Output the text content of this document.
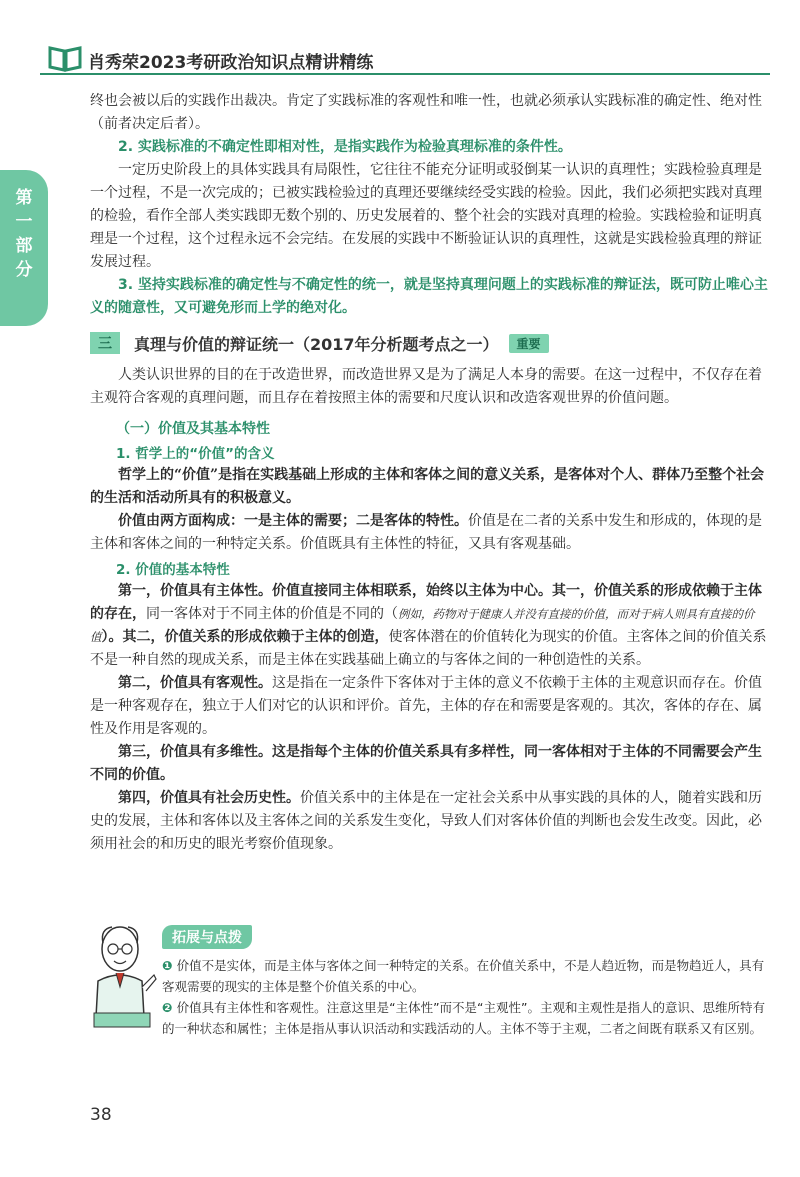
肖秀荣2023考研政治知识点精讲精练
第一部分

终也会被以后的实践作出裁决。肯定了实践标准的客观性和唯一性，也就必须承认实践标准的确定性、绝对性（前者决定后者）。

2. 实践标准的不确定性即相对性，是指实践作为检验真理标准的条件性。

一定历史阶段上的具体实践具有局限性，它往往不能充分证明或驳倒某一认识的真理性；实践检验真理是一个过程，不是一次完成的；已被实践检验过的真理还要继续经受实践的检验。因此，我们必须把实践对真理的检验，看作全部人类实践即无数个别的、历史发展着的、整个社会的实践对真理的检验。实践检验和证明真理是一个过程，这个过程永远不会完结。在发展的实践中不断验证认识的真理性，这就是实践检验真理的辩证发展过程。

3. 坚持实践标准的确定性与不确定性的统一，就是坚持真理问题上的实践标准的辩证法，既可防止唯心主义的随意性，又可避免形而上学的绝对化。

三	真理与价值的辩证统一（2017年分析题考点之一）	重要

人类认识世界的目的在于改造世界，而改造世界又是为了满足人本身的需要。在这一过程中，不仅存在着主观符合客观的真理问题，而且存在着按照主体的需要和尺度认识和改造客观世界的价值问题。

（一）价值及其基本特性
1. 哲学上的“价值”的含义

哲学上的“价值”是指在实践基础上形成的主体和客体之间的意义关系，是客体对个人、群体乃至整个社会的生活和活动所具有的积极意义。

价值由两方面构成：一是主体的需要；二是客体的特性。价值是在二者的关系中发生和形成的，体现的是主体和客体之间的一种特定关系。价值既具有主体性的特征，又具有客观基础。

2. 价值的基本特性

第一，价值具有主体性。价值直接同主体相联系，始终以主体为中心。其一，价值关系的形成依赖于主体的存在，同一客体对于不同主体的价值是不同的（例如，药物对于健康人并没有直接的价值，而对于病人则具有直接的价值）。其二，价值关系的形成依赖于主体的创造，使客体潜在的价值转化为现实的价值。主客体之间的价值关系不是一种自然的现成关系，而是主体在实践基础上确立的与客体之间的一种创造性的关系。

第二，价值具有客观性。这是指在一定条件下客体对于主体的意义不依赖于主体的主观意识而存在。价值是一种客观存在，独立于人们对它的认识和评价。首先，主体的存在和需要是客观的。其次，客体的存在、属性及作用是客观的。

第三，价值具有多维性。这是指每个主体的价值关系具有多样性，同一客体相对于主体的不同需要会产生不同的价值。

第四，价值具有社会历史性。价值关系中的主体是在一定社会关系中从事实践的具体的人，随着实践和历史的发展，主体和客体以及主客体之间的关系发生变化，导致人们对客体价值的判断也会发生改变。因此，必须用社会的和历史的眼光考察价值现象。

拓展与点拨

❶ 价值不是实体，而是主体与客体之间一种特定的关系。在价值关系中，不是人趋近物，而是物趋近人，具有客观需要的现实的主体是整个价值关系的中心。

❷ 价值具有主体性和客观性。注意这里是“主体性”而不是“主观性”。主观和主观性是指人的意识、思维所特有的一种状态和属性；主体是指从事认识活动和实践活动的人。主体不等于主观，二者之间既有联系又有区别。

38
